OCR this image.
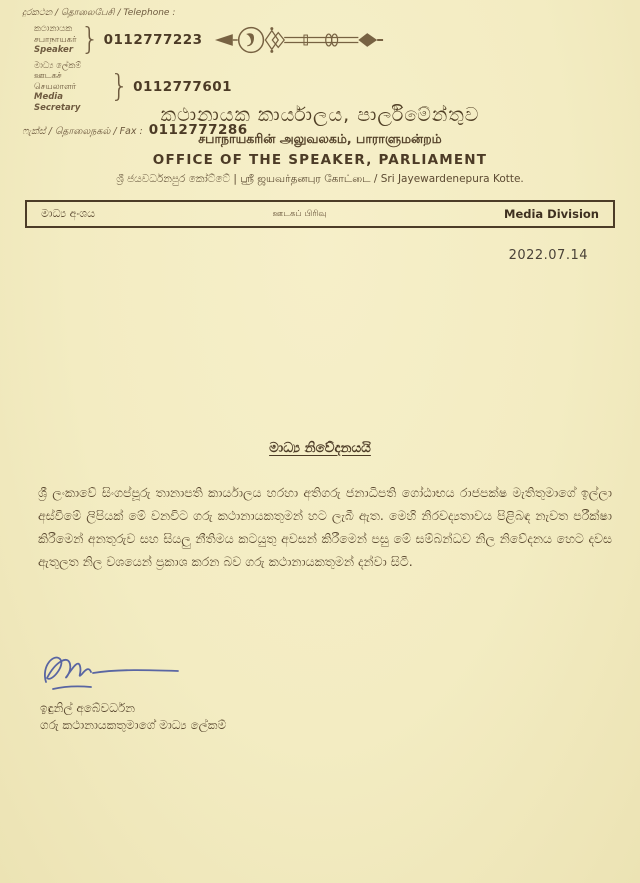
දුරකථන / தொலைபேசி / Telephone :
කථානායක
சபாநாயகர்
Speaker } 0112777223
මාධ්‍ය ලේකම්
ஊடகச் செயலாளர்
Media Secretary
} 0112777601
ෆැක්ස් / தொலைநகல் / Fax : 0112777286
කථානායක කාර්යාලය, පාර්ලිමේන්තුව
சபாநாயகரின் அலுவலகம், பாராளுமன்றம்
OFFICE OF THE SPEAKER, PARLIAMENT
ශ්‍රී ජයවර්ධනපුර කෝට්ටේ | ஸ்ரீ ஜயவர்தனபுர கோட்டை / Sri Jayewardenepura Kotte.
මාධ්‍ය අංශය	ஊடகப் பிரிவு	Media Division
2022.07.14
මාධ්‍ය නිවේදනයයි

ශ්‍රී ලංකාවේ සිංගප්පූරු තානාපති කාර්යාලය හරහා අතිගරු ජනාධිපති ගෝඨාභය රාජපක්ෂ මැතිතුමාගේ ඉල්ලා අස්වීමේ ලිපියක් මේ වනවිට ගරු කථානායකතුමන් හට ලැබී ඇත. මෙහි නිරවද්‍යතාවය පිළිබඳ නැවත පරීක්ෂා කිරීමෙන් අනතුරුව සහ සියලු නීතිමය කටයුතු අවසන් කිරීමෙන් පසු මේ සම්බන්ධව නිල නිවේදනය හෙට දවස ඇතුලත නිල වශයෙන් ප්‍රකාශ කරන බව ගරු කථානායකතුමන් දන්වා සිටී.

ඉඳුනිල් අබේවර්ධන
ගරු කථානායකතුමාගේ මාධ්‍ය ලේකම්
